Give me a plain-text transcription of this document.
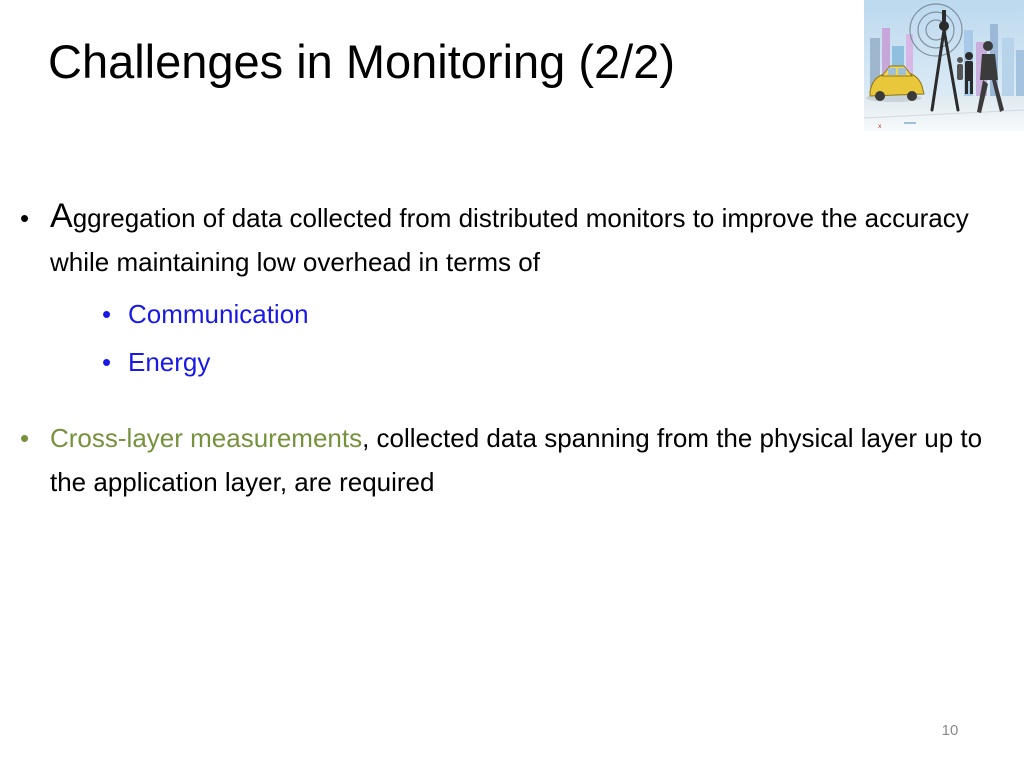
Challenges in Monitoring (2/2)
x
• Aggregation of data collected from distributed monitors to improve the accuracy while maintaining low overhead in terms of
• Communication
• Energy
• Cross-layer measurements, collected data spanning from the physical layer up to the application layer, are required
10
